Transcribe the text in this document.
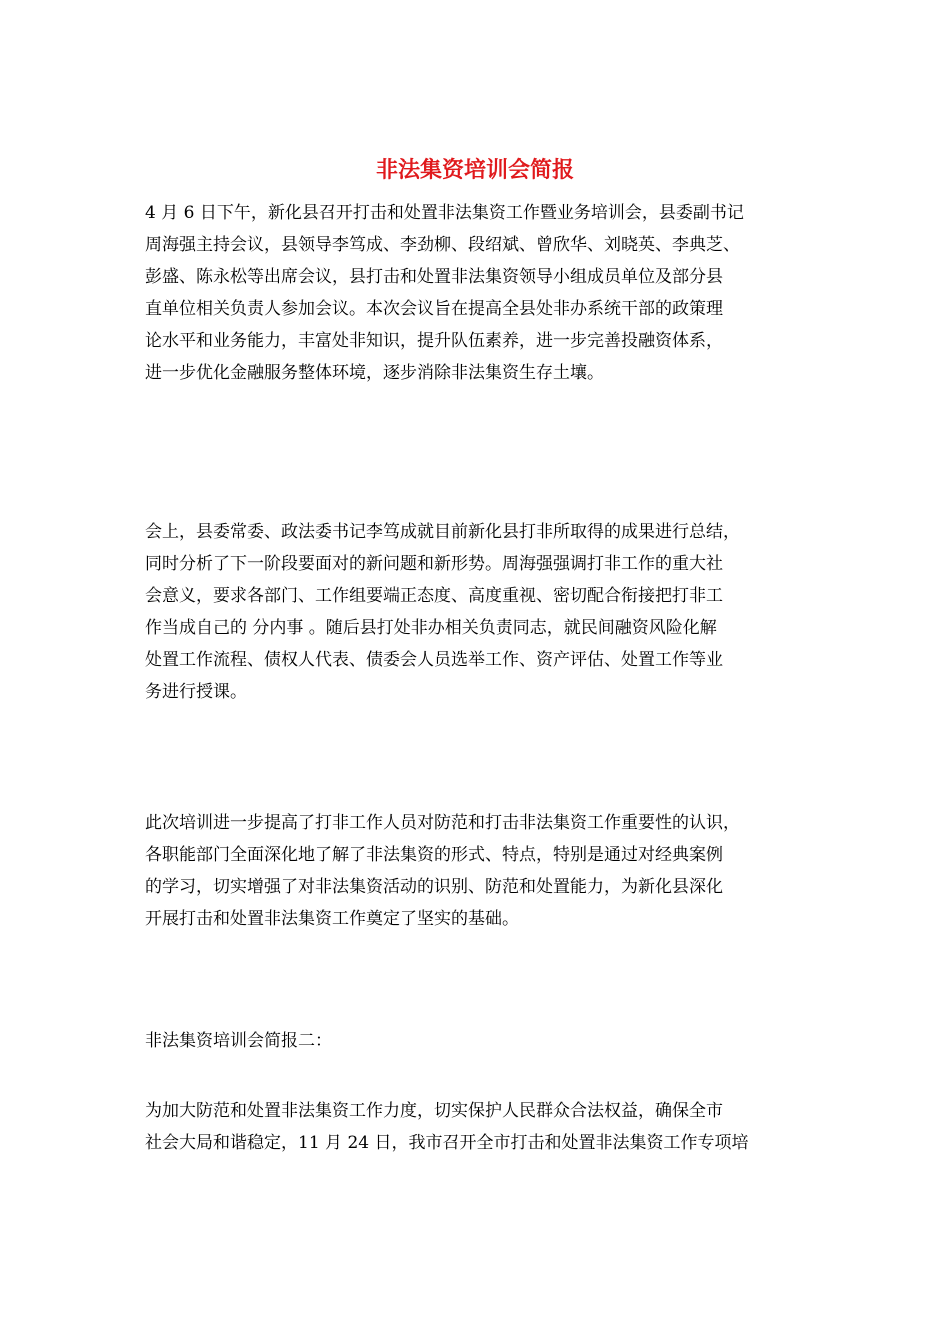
非法集资培训会简报
4 月 6 日下午，新化县召开打击和处置非法集资工作暨业务培训会，县委副书记
周海强主持会议，县领导李笃成、李劲柳、段绍斌、曾欣华、刘晓英、李典芝、
彭盛、陈永松等出席会议，县打击和处置非法集资领导小组成员单位及部分县
直单位相关负责人参加会议。本次会议旨在提高全县处非办系统干部的政策理
论水平和业务能力，丰富处非知识，提升队伍素养，进一步完善投融资体系，
进一步优化金融服务整体环境，逐步消除非法集资生存土壤。
会上，县委常委、政法委书记李笃成就目前新化县打非所取得的成果进行总结，
同时分析了下一阶段要面对的新问题和新形势。周海强强调打非工作的重大社
会意义，要求各部门、工作组要端正态度、高度重视、密切配合衔接把打非工
作当成自己的 分内事 。随后县打处非办相关负责同志，就民间融资风险化解
处置工作流程、债权人代表、债委会人员选举工作、资产评估、处置工作等业
务进行授课。
此次培训进一步提高了打非工作人员对防范和打击非法集资工作重要性的认识，
各职能部门全面深化地了解了非法集资的形式、特点，特别是通过对经典案例
的学习，切实增强了对非法集资活动的识别、防范和处置能力，为新化县深化
开展打击和处置非法集资工作奠定了坚实的基础。
非法集资培训会简报二：
为加大防范和处置非法集资工作力度，切实保护人民群众合法权益，确保全市
社会大局和谐稳定，11 月 24 日，我市召开全市打击和处置非法集资工作专项培
